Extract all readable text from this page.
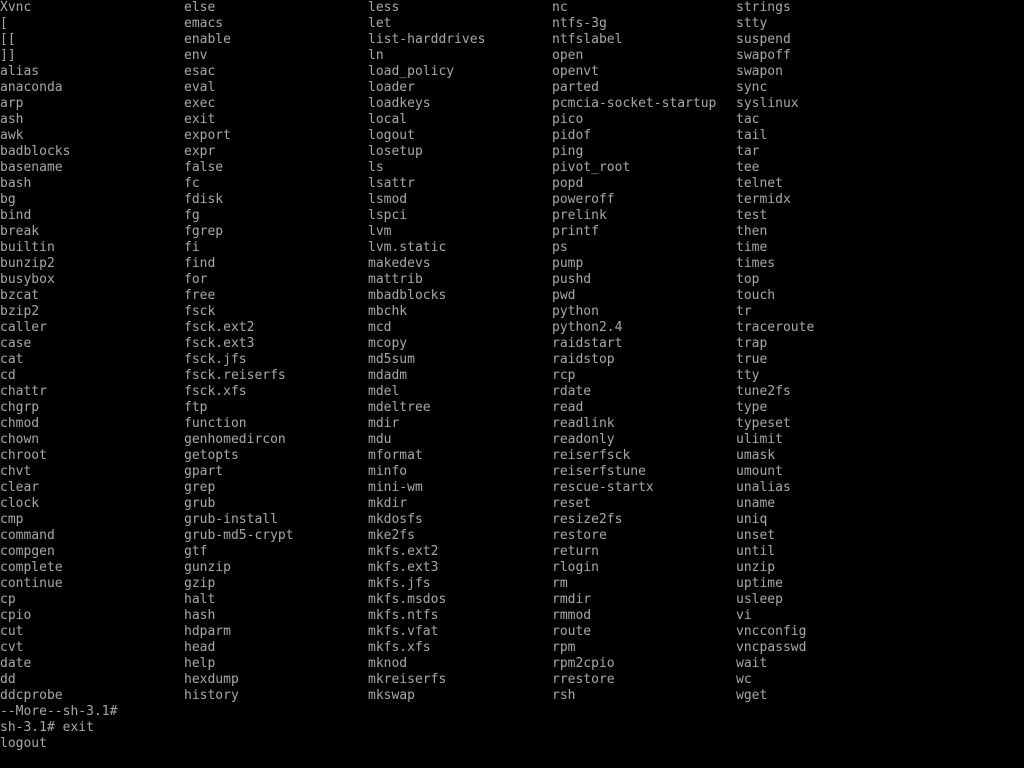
Xvnc
[
[[
]]
alias
anaconda
arp
ash
awk
badblocks
basename
bash
bg
bind
break
builtin
bunzip2
busybox
bzcat
bzip2
caller
case
cat
cd
chattr
chgrp
chmod
chown
chroot
chvt
clear
clock
cmp
command
compgen
complete
continue
cp
cpio
cut
cvt
date
dd
ddcprobe
else
emacs
enable
env
esac
eval
exec
exit
export
expr
false
fc
fdisk
fg
fgrep
fi
find
for
free
fsck
fsck.ext2
fsck.ext3
fsck.jfs
fsck.reiserfs
fsck.xfs
ftp
function
genhomedircon
getopts
gpart
grep
grub
grub-install
grub-md5-crypt
gtf
gunzip
gzip
halt
hash
hdparm
head
help
hexdump
history
less
let
list-harddrives
ln
load_policy
loader
loadkeys
local
logout
losetup
ls
lsattr
lsmod
lspci
lvm
lvm.static
makedevs
mattrib
mbadblocks
mbchk
mcd
mcopy
md5sum
mdadm
mdel
mdeltree
mdir
mdu
mformat
minfo
mini-wm
mkdir
mkdosfs
mke2fs
mkfs.ext2
mkfs.ext3
mkfs.jfs
mkfs.msdos
mkfs.ntfs
mkfs.vfat
mkfs.xfs
mknod
mkreiserfs
mkswap
nc
ntfs-3g
ntfslabel
open
openvt
parted
pcmcia-socket-startup
pico
pidof
ping
pivot_root
popd
poweroff
prelink
printf
ps
pump
pushd
pwd
python
python2.4
raidstart
raidstop
rcp
rdate
read
readlink
readonly
reiserfsck
reiserfstune
rescue-startx
reset
resize2fs
restore
return
rlogin
rm
rmdir
rmmod
route
rpm
rpm2cpio
rrestore
rsh
strings
stty
suspend
swapoff
swapon
sync
syslinux
tac
tail
tar
tee
telnet
termidx
test
then
time
times
top
touch
tr
traceroute
trap
true
tty
tune2fs
type
typeset
ulimit
umask
umount
unalias
uname
uniq
unset
until
unzip
uptime
usleep
vi
vncconfig
vncpasswd
wait
wc
wget
--More--sh-3.1#
sh-3.1# exit
logout
